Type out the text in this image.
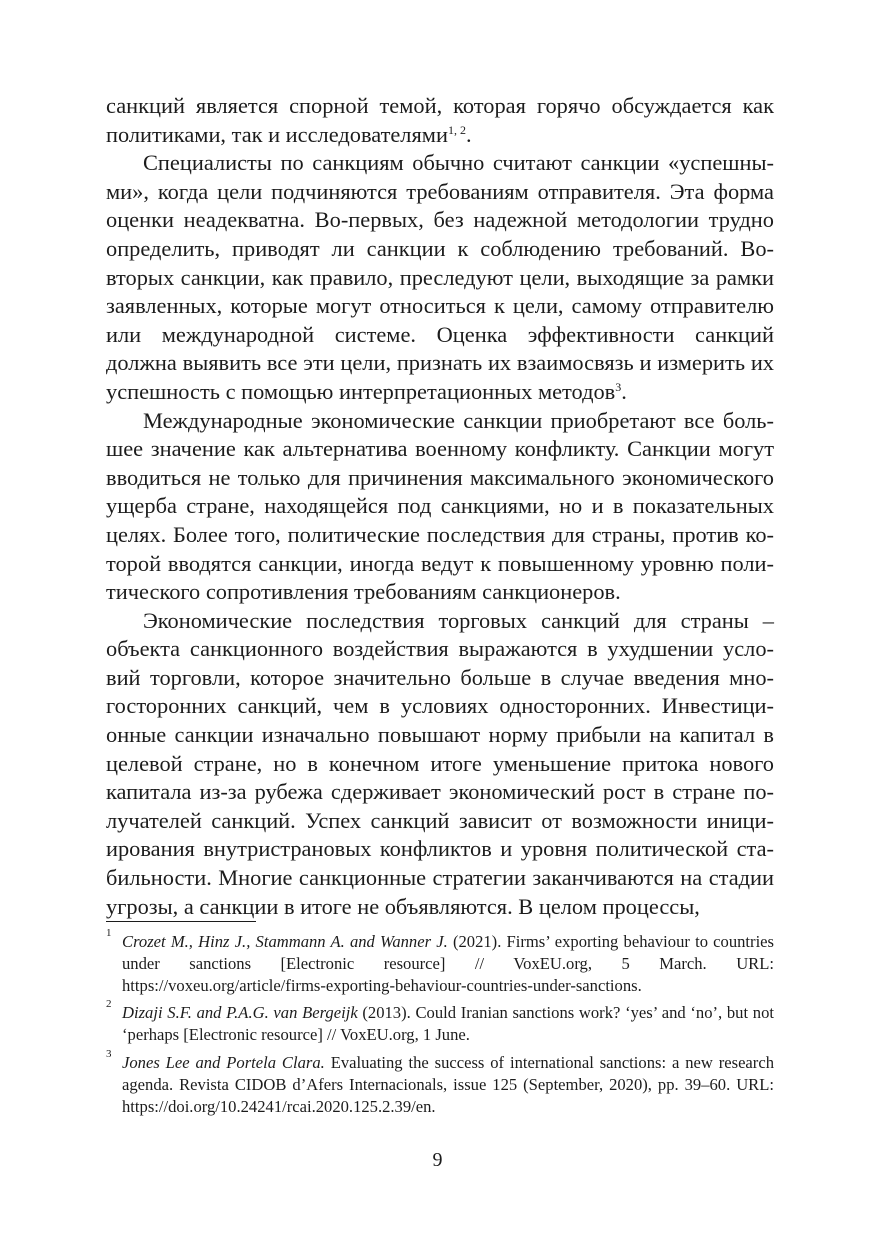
санкций является спорной темой, которая горячо обсуждается как политиками, так и исследователями$^{1, 2}$.

Специалисты по санкциям обычно считают санкции «успешными», когда цели подчиняются требованиям отправителя. Эта форма оценки неадекватна. Во-первых, без надежной методологии трудно определить, приводят ли санкции к соблюдению требований. Во-вторых санкции, как правило, преследуют цели, выходящие за рамки заявленных, которые могут относиться к цели, самому отправителю или международной системе. Оценка эффективности санкций должна выявить все эти цели, признать их взаимосвязь и измерить их успешность с помощью интерпретационных методов$^3$.

Международные экономические санкции приобретают все большее значение как альтернатива военному конфликту. Санкции могут вводиться не только для причинения максимального экономического ущерба стране, находящейся под санкциями, но и в показательных целях. Более того, политические последствия для страны, против которой вводятся санкции, иногда ведут к повышенному уровню политического сопротивления требованиям санкционеров.

Экономические последствия торговых санкций для страны – объекта санкционного воздействия выражаются в ухудшении условий торговли, которое значительно больше в случае введения многосторонних санкций, чем в условиях односторонних. Инвестиционные санкции изначально повышают норму прибыли на капитал в целевой стране, но в конечном итоге уменьшение притока нового капитала из-за рубежа сдерживает экономический рост в стране получателей санкций. Успех санкций зависит от возможности инициирования внутристрановых конфликтов и уровня политической стабильности. Многие санкционные стратегии заканчиваются на стадии угрозы, а санкции в итоге не объявляются. В целом процессы,

1 Crozet M., Hinz J., Stammann A. and Wanner J. (2021). Firms’ exporting behaviour to countries under sanctions [Electronic resource] // VoxEU.org, 5 March. URL: https://voxeu.org/article/firms-exporting-behaviour-countries-under-sanctions.
2 Dizaji S.F. and P.A.G. van Bergeijk (2013). Could Iranian sanctions work? ‘yes’ and ‘no’, but not ‘perhaps [Electronic resource] // VoxEU.org, 1 June.
3 Jones Lee and Portela Clara. Evaluating the success of international sanctions: a new research agenda. Revista CIDOB d’Afers Internacionals, issue 125 (September, 2020), pp. 39–60. URL: https://doi.org/10.24241/rcai.2020.125.2.39/en.
9
